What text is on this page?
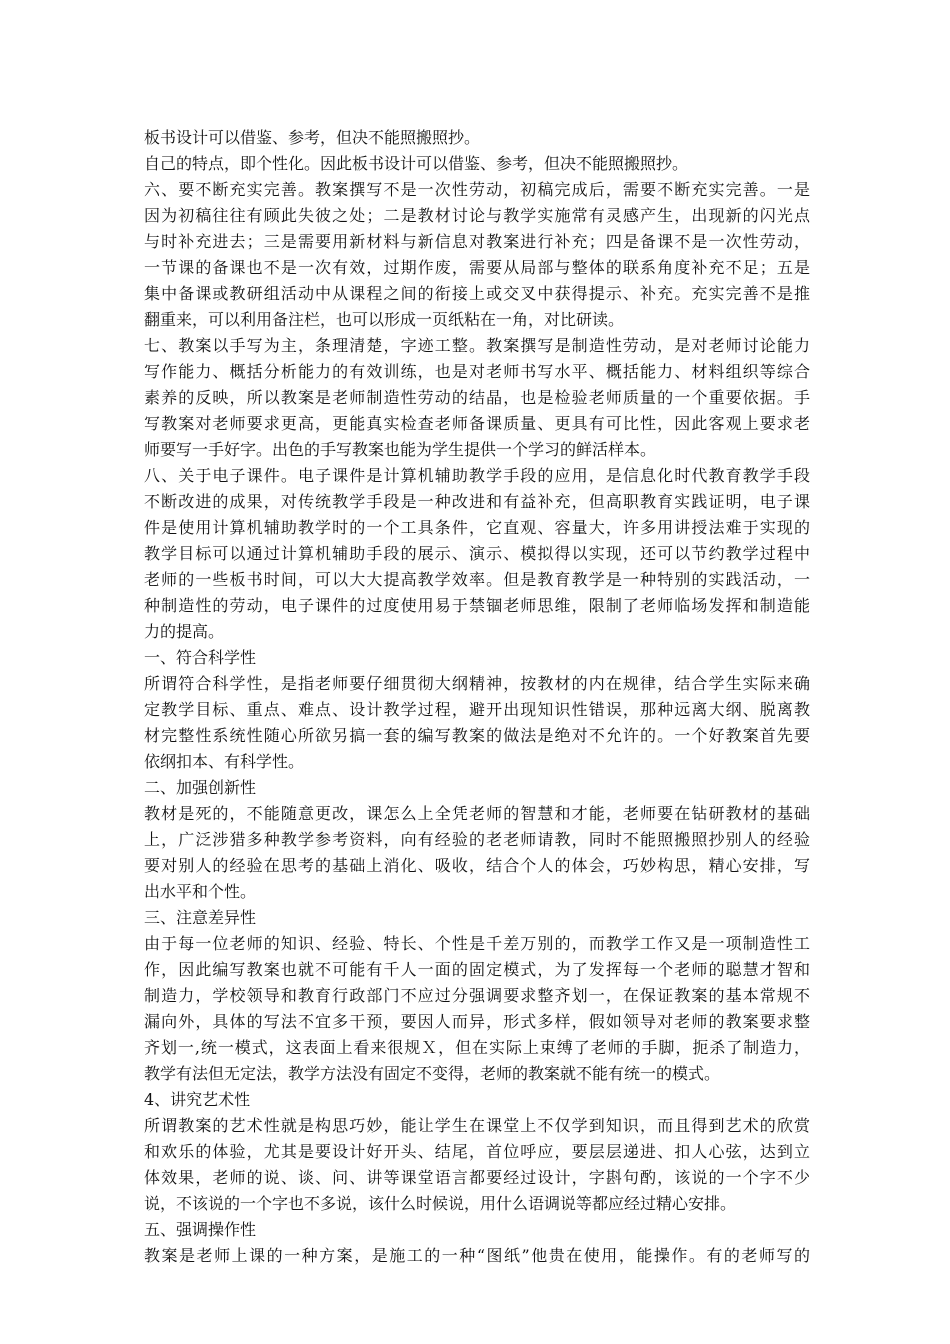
板书设计可以借鉴、参考，但决不能照搬照抄。
自己的特点，即个性化。因此板书设计可以借鉴、参考，但决不能照搬照抄。
六、要不断充实完善。教案撰写不是一次性劳动，初稿完成后，需要不断充实完善。一是
因为初稿往往有顾此失彼之处；二是教材讨论与教学实施常有灵感产生，出现新的闪光点
与时补充进去；三是需要用新材料与新信息对教案进行补充；四是备课不是一次性劳动，
一节课的备课也不是一次有效，过期作废，需要从局部与整体的联系角度补充不足；五是
集中备课或教研组活动中从课程之间的衔接上或交叉中获得提示、补充。充实完善不是推
翻重来，可以利用备注栏，也可以形成一页纸粘在一角，对比研读。
七、教案以手写为主，条理清楚，字迹工整。教案撰写是制造性劳动，是对老师讨论能力
写作能力、概括分析能力的有效训练，也是对老师书写水平、概括能力、材料组织等综合
素养的反映，所以教案是老师制造性劳动的结晶，也是检验老师质量的一个重要依据。手
写教案对老师要求更高，更能真实检查老师备课质量、更具有可比性，因此客观上要求老
师要写一手好字。出色的手写教案也能为学生提供一个学习的鲜活样本。
八、关于电子课件。电子课件是计算机辅助教学手段的应用，是信息化时代教育教学手段
不断改进的成果，对传统教学手段是一种改进和有益补充，但高职教育实践证明，电子课
件是使用计算机辅助教学时的一个工具条件，它直观、容量大，许多用讲授法难于实现的
教学目标可以通过计算机辅助手段的展示、演示、模拟得以实现，还可以节约教学过程中
老师的一些板书时间，可以大大提高教学效率。但是教育教学是一种特别的实践活动，一
种制造性的劳动，电子课件的过度使用易于禁锢老师思维，限制了老师临场发挥和制造能
力的提高。
一、符合科学性
所谓符合科学性，是指老师要仔细贯彻大纲精神，按教材的内在规律，结合学生实际来确
定教学目标、重点、难点、设计教学过程，避开出现知识性错误，那种远离大纲、脱离教
材完整性系统性随心所欲另搞一套的编写教案的做法是绝对不允许的。一个好教案首先要
依纲扣本、有科学性。
二、加强创新性
教材是死的，不能随意更改，课怎么上全凭老师的智慧和才能，老师要在钻研教材的基础
上，广泛涉猎多种教学参考资料，向有经验的老老师请教，同时不能照搬照抄别人的经验
要对别人的经验在思考的基础上消化、吸收，结合个人的体会，巧妙构思，精心安排，写
出水平和个性。
三、注意差异性
由于每一位老师的知识、经验、特长、个性是千差万别的，而教学工作又是一项制造性工
作，因此编写教案也就不可能有千人一面的固定模式，为了发挥每一个老师的聪慧才智和
制造力，学校领导和教育行政部门不应过分强调要求整齐划一，在保证教案的基本常规不
漏向外，具体的写法不宜多干预，要因人而异，形式多样，假如领导对老师的教案要求整
齐划一,统一模式，这表面上看来很规Ｘ，但在实际上束缚了老师的手脚，扼杀了制造力，
教学有法但无定法，教学方法没有固定不变得，老师的教案就不能有统一的模式。
4、讲究艺术性
所谓教案的艺术性就是构思巧妙，能让学生在课堂上不仅学到知识，而且得到艺术的欣赏
和欢乐的体验，尤其是要设计好开头、结尾，首位呼应，要层层递进、扣人心弦，达到立
体效果，老师的说、谈、问、讲等课堂语言都要经过设计，字斟句酌，该说的一个字不少
说，不该说的一个字也不多说，该什么时候说，用什么语调说等都应经过精心安排。
五、强调操作性
教案是老师上课的一种方案，是施工的一种“图纸”他贵在使用，能操作。有的老师写的
